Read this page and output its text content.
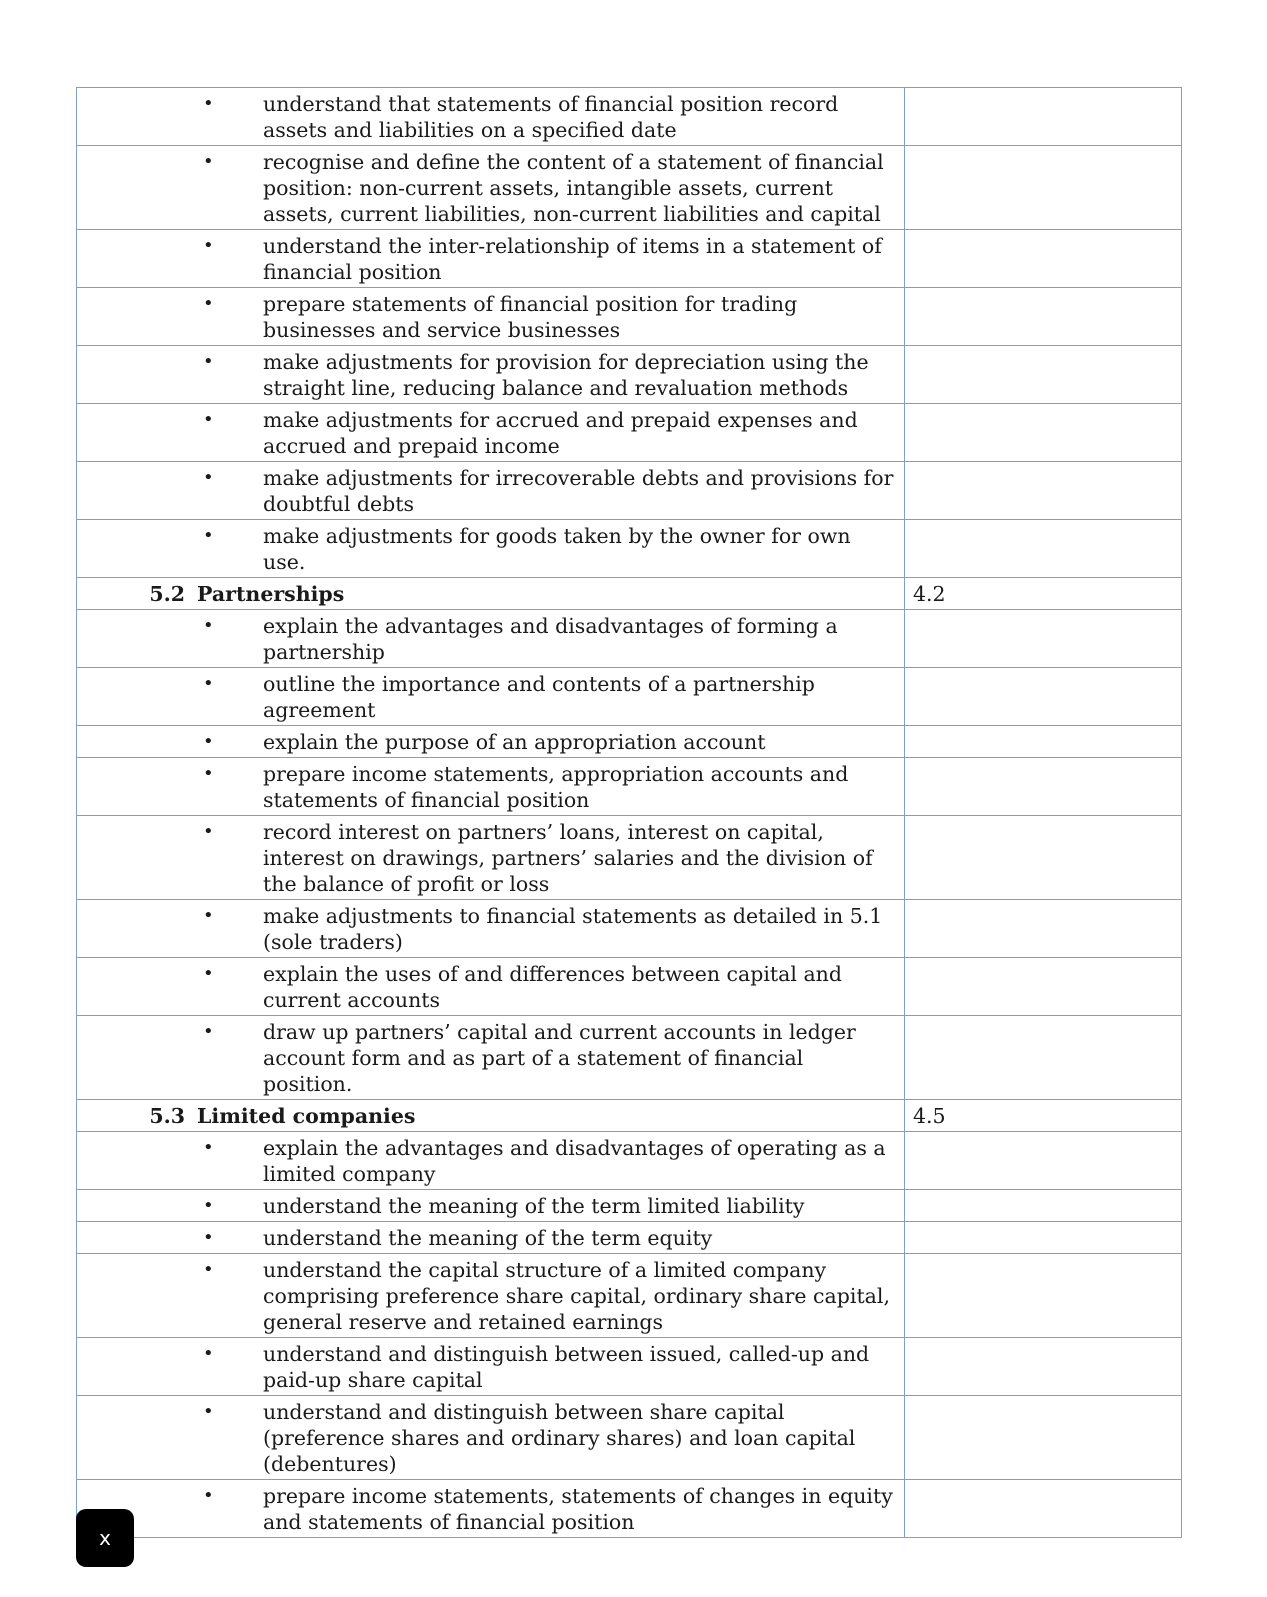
• understand that statements of financial position record assets and liabilities on a specified date	

• recognise and define the content of a statement of financial position: non-current assets, intangible assets, current assets, current liabilities, non-current liabilities and capital	

• understand the inter-relationship of items in a statement of financial position	

• prepare statements of financial position for trading businesses and service businesses	

• make adjustments for provision for depreciation using the straight line, reducing balance and revaluation methods	

• make adjustments for accrued and prepaid expenses and accrued and prepaid income	

• make adjustments for irrecoverable debts and provisions for doubtful debts	

• make adjustments for goods taken by the owner for own use.	

5.2 Partnerships	4.2

• explain the advantages and disadvantages of forming a partnership	

• outline the importance and contents of a partnership agreement	

• explain the purpose of an appropriation account	

• prepare income statements, appropriation accounts and statements of financial position	

• record interest on partners’ loans, interest on capital, interest on drawings, partners’ salaries and the division of the balance of profit or loss	

• make adjustments to financial statements as detailed in 5.1 (sole traders)	

• explain the uses of and differences between capital and current accounts	

• draw up partners’ capital and current accounts in ledger account form and as part of a statement of financial position.	

5.3 Limited companies	4.5

• explain the advantages and disadvantages of operating as a limited company	

• understand the meaning of the term limited liability	

• understand the meaning of the term equity	

• understand the capital structure of a limited company comprising preference share capital, ordinary share capital, general reserve and retained earnings	

• understand and distinguish between issued, called-up and paid-up share capital	

• understand and distinguish between share capital (preference shares and ordinary shares) and loan capital (debentures)	

• prepare income statements, statements of changes in equity and statements of financial position	

x
